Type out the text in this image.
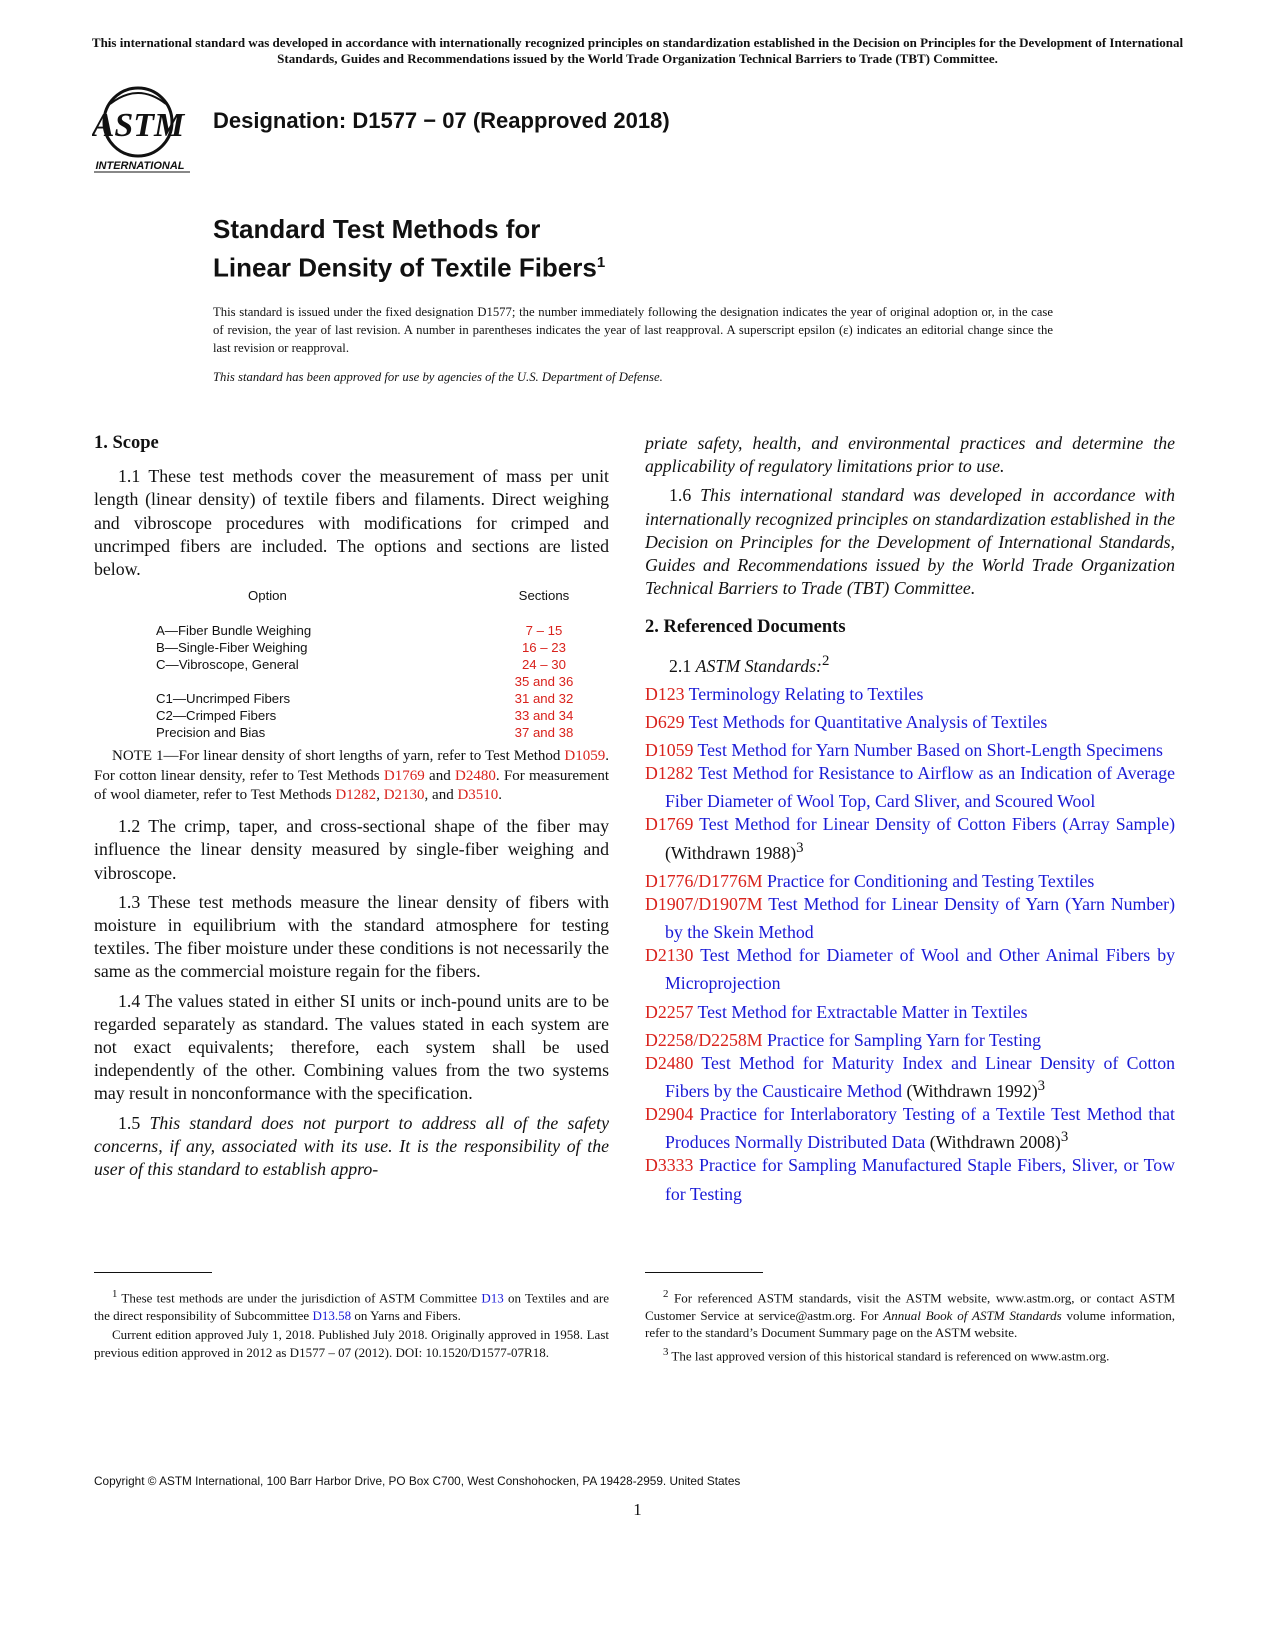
This international standard was developed in accordance with internationally recognized principles on standardization established in the Decision on Principles for the Development of International Standards, Guides and Recommendations issued by the World Trade Organization Technical Barriers to Trade (TBT) Committee.
ASTM
INTERNATIONAL
Designation: D1577 − 07 (Reapproved 2018)
Standard Test Methods for
Linear Density of Textile Fibers$^1$
This standard is issued under the fixed designation D1577; the number immediately following the designation indicates the year of original adoption or, in the case of revision, the year of last revision. A number in parentheses indicates the year of last reapproval. A superscript epsilon (ε) indicates an editorial change since the last revision or reapproval.
This standard has been approved for use by agencies of the U.S. Department of Defense.
1. Scope

1.1 These test methods cover the measurement of mass per unit length (linear density) of textile fibers and filaments. Direct weighing and vibroscope procedures with modifications for crimped and uncrimped fibers are included. The options and sections are listed below.

Option	Sections
A—Fiber Bundle Weighing	7 – 15
B—Single-Fiber Weighing	16 – 23
C—Vibroscope, General	24 – 30
	35 and 36
C1—Uncrimped Fibers	31 and 32
C2—Crimped Fibers	33 and 34
Precision and Bias	37 and 38

NOTE 1—For linear density of short lengths of yarn, refer to Test Method D1059. For cotton linear density, refer to Test Methods D1769 and D2480. For measurement of wool diameter, refer to Test Methods D1282, D2130, and D3510.

1.2 The crimp, taper, and cross-sectional shape of the fiber may influence the linear density measured by single-fiber weighing and vibroscope.

1.3 These test methods measure the linear density of fibers with moisture in equilibrium with the standard atmosphere for testing textiles. The fiber moisture under these conditions is not necessarily the same as the commercial moisture regain for the fibers.

1.4 The values stated in either SI units or inch-pound units are to be regarded separately as standard. The values stated in each system are not exact equivalents; therefore, each system shall be used independently of the other. Combining values from the two systems may result in nonconformance with the specification.

1.5 This standard does not purport to address all of the safety concerns, if any, associated with its use. It is the responsibility of the user of this standard to establish appro-

priate safety, health, and environmental practices and determine the applicability of regulatory limitations prior to use.

1.6 This international standard was developed in accordance with internationally recognized principles on standardization established in the Decision on Principles for the Development of International Standards, Guides and Recommendations issued by the World Trade Organization Technical Barriers to Trade (TBT) Committee.

2. Referenced Documents

2.1 ASTM Standards:$^2$

D123 Terminology Relating to Textiles

D629 Test Methods for Quantitative Analysis of Textiles

D1059 Test Method for Yarn Number Based on Short-Length Specimens

D1282 Test Method for Resistance to Airflow as an Indication of Average Fiber Diameter of Wool Top, Card Sliver, and Scoured Wool

D1769 Test Method for Linear Density of Cotton Fibers (Array Sample) (Withdrawn 1988)$^3$

D1776/D1776M Practice for Conditioning and Testing Textiles

D1907/D1907M Test Method for Linear Density of Yarn (Yarn Number) by the Skein Method

D2130 Test Method for Diameter of Wool and Other Animal Fibers by Microprojection

D2257 Test Method for Extractable Matter in Textiles

D2258/D2258M Practice for Sampling Yarn for Testing

D2480 Test Method for Maturity Index and Linear Density of Cotton Fibers by the Causticaire Method (Withdrawn 1992)$^3$

D2904 Practice for Interlaboratory Testing of a Textile Test Method that Produces Normally Distributed Data (Withdrawn 2008)$^3$

D3333 Practice for Sampling Manufactured Staple Fibers, Sliver, or Tow for Testing

$^1$ These test methods are under the jurisdiction of ASTM Committee D13 on Textiles and are the direct responsibility of Subcommittee D13.58 on Yarns and Fibers.

Current edition approved July 1, 2018. Published July 2018. Originally approved in 1958. Last previous edition approved in 2012 as D1577 – 07 (2012). DOI: 10.1520/D1577-07R18.

$^2$ For referenced ASTM standards, visit the ASTM website, www.astm.org, or contact ASTM Customer Service at service@astm.org. For Annual Book of ASTM Standards volume information, refer to the standard’s Document Summary page on the ASTM website.

$^3$ The last approved version of this historical standard is referenced on www.astm.org.

Copyright © ASTM International, 100 Barr Harbor Drive, PO Box C700, West Conshohocken, PA 19428-2959. United States
1
